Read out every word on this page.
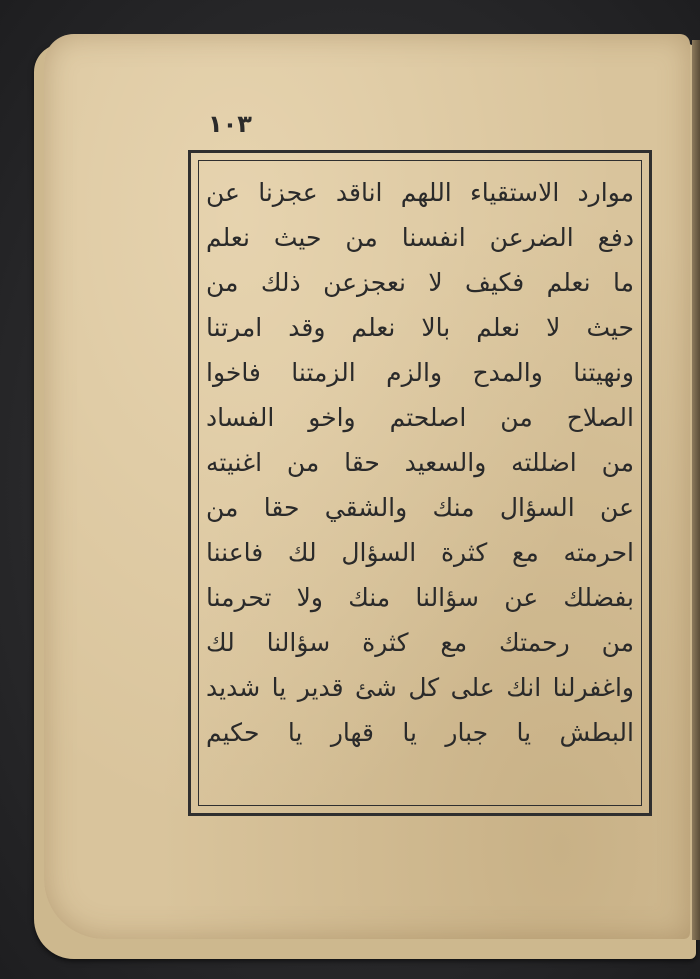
١٠٣
موارد الاستقياء اللهم اناقد عجزنا عن
دفع الضرعن انفسنا من حيث نعلم
ما نعلم فكيف لا نعجزعن ذلك من
حيث لا نعلم بالا نعلم وقد امرتنا
ونهيتنا والمدح والزم الزمتنا فاخوا
الصلاح من اصلحتم واخو الفساد
من اضللته والسعيد حقا من اغنيته
عن السؤال منك والشقي حقا من
احرمته مع كثرة السؤال لك فاعننا
بفضلك عن سؤالنا منك ولا تحرمنا
من رحمتك مع كثرة سؤالنا لك
واغفرلنا انك على كل شئ قدير يا شديد
البطش يا جبار يا قهار يا حكيم
